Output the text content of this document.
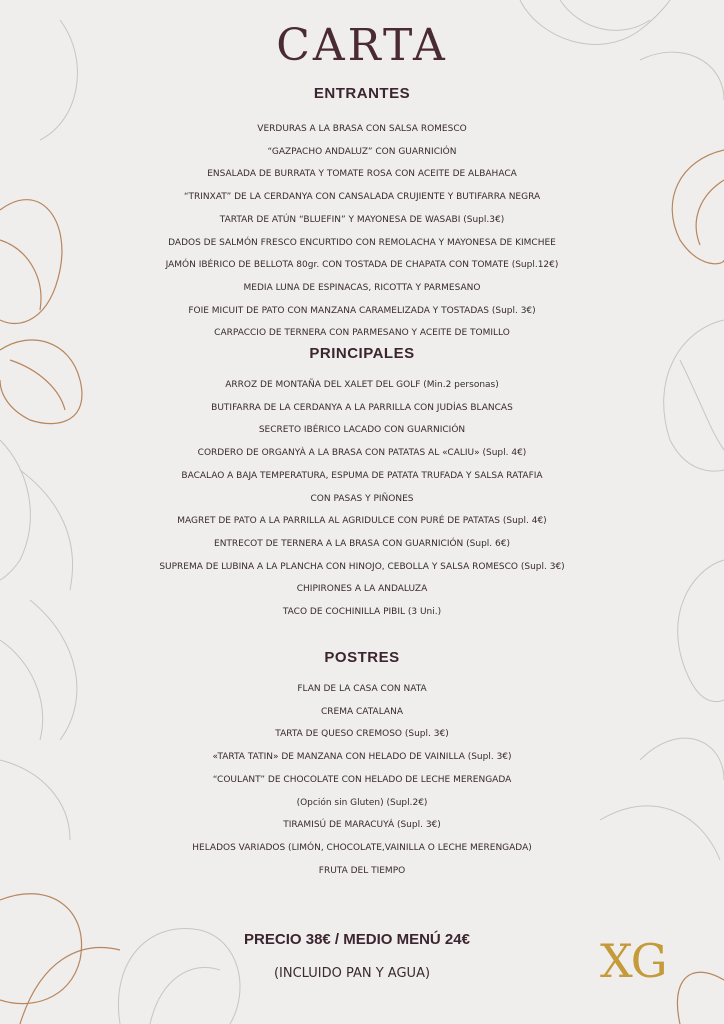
CARTA
ENTRANTES
VERDURAS A LA BRASA CON SALSA ROMESCO
“GAZPACHO ANDALUZ” CON GUARNICIÓN
ENSALADA DE BURRATA Y TOMATE ROSA CON ACEITE DE ALBAHACA
“TRINXAT” DE LA CERDANYA CON CANSALADA CRUJIENTE Y BUTIFARRA NEGRA
TARTAR DE ATÚN “BLUEFIN” Y MAYONESA DE WASABI (Supl.3€)
DADOS DE SALMÓN FRESCO ENCURTIDO CON REMOLACHA Y MAYONESA DE KIMCHEE
JAMÓN IBÉRICO DE BELLOTA 80gr. CON TOSTADA DE CHAPATA CON TOMATE (Supl.12€)
MEDIA LUNA DE ESPINACAS, RICOTTA Y PARMESANO
FOIE MICUIT DE PATO CON MANZANA CARAMELIZADA Y TOSTADAS (Supl. 3€)
CARPACCIO DE TERNERA CON PARMESANO Y ACEITE DE TOMILLO
PRINCIPALES
ARROZ DE MONTAÑA DEL XALET DEL GOLF (Min.2 personas)
BUTIFARRA DE LA CERDANYA A LA PARRILLA CON JUDÍAS BLANCAS
SECRETO IBÉRICO LACADO CON GUARNICIÓN
CORDERO DE ORGANYÀ A LA BRASA CON PATATAS AL «CALIU» (Supl. 4€)
BACALAO A BAJA TEMPERATURA, ESPUMA DE PATATA TRUFADA Y SALSA RATAFIA
CON PASAS Y PIÑONES
MAGRET DE PATO A LA PARRILLA AL AGRIDULCE CON PURÉ DE PATATAS (Supl. 4€)
ENTRECOT DE TERNERA A LA BRASA CON GUARNICIÓN (Supl. 6€)
SUPREMA DE LUBINA A LA PLANCHA CON HINOJO, CEBOLLA Y SALSA ROMESCO (Supl. 3€)
CHIPIRONES A LA ANDALUZA
TACO DE COCHINILLA PIBIL (3 Uni.)
POSTRES
FLAN DE LA CASA CON NATA
CREMA CATALANA
TARTA DE QUESO CREMOSO (Supl. 3€)
«TARTA TATIN» DE MANZANA CON HELADO DE VAINILLA (Supl. 3€)
“COULANT” DE CHOCOLATE CON HELADO DE LECHE MERENGADA
(Opción sin Gluten) (Supl.2€)
TIRAMISÚ DE MARACUYÁ (Supl. 3€)
HELADOS VARIADOS (LIMÓN, CHOCOLATE,VAINILLA O LECHE MERENGADA)
FRUTA DEL TIEMPO
PRECIO 38€ / MEDIO MENÚ 24€
(INCLUIDO PAN Y AGUA)	XG
